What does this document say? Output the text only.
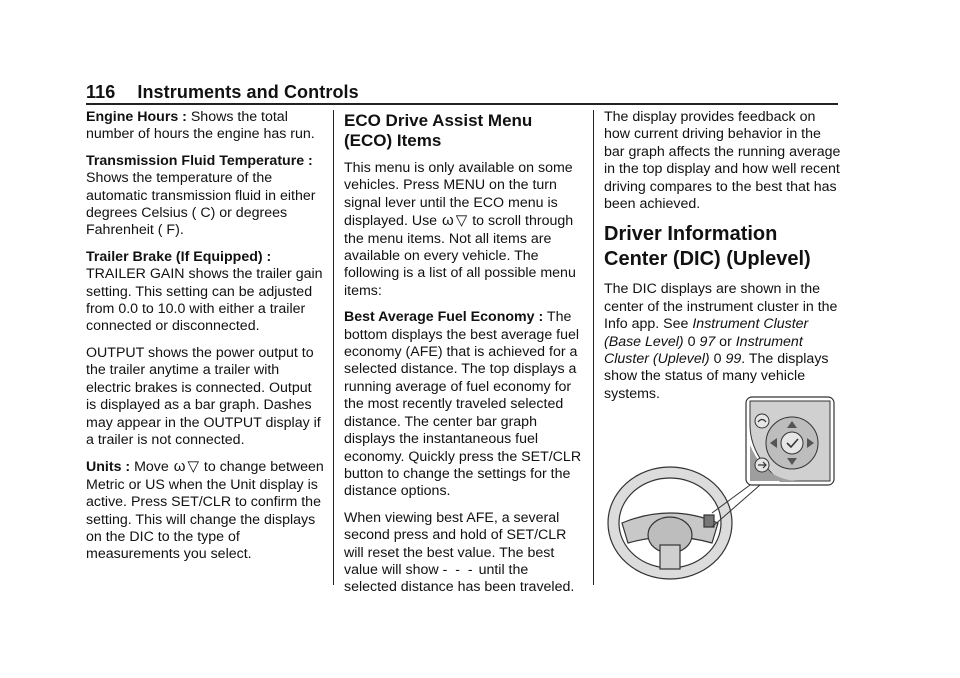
116 Instruments and Controls

Engine Hours : Shows the total number of hours the engine has run.

Transmission Fluid Temperature : Shows the temperature of the automatic transmission fluid in either degrees Celsius ( C) or degrees Fahrenheit ( F).

Trailer Brake (If Equipped) : TRAILER GAIN shows the trailer gain setting. This setting can be adjusted from 0.0 to 10.0 with either a trailer connected or disconnected.

OUTPUT shows the power output to the trailer anytime a trailer with electric brakes is connected. Output is displayed as a bar graph. Dashes may appear in the OUTPUT display if a trailer is not connected.

Units : Move ω ▽ to change between Metric or US when the Unit display is active. Press SET/CLR to confirm the setting. This will change the displays on the DIC to the type of measurements you select.

ECO Drive Assist Menu (ECO) Items

This menu is only available on some vehicles. Press MENU on the turn signal lever until the ECO menu is displayed. Use ω ▽ to scroll through the menu items. Not all items are available on every vehicle. The following is a list of all possible menu items:

Best Average Fuel Economy : The bottom displays the best average fuel economy (AFE) that is achieved for a selected distance. The top displays a running average of fuel economy for the most recently traveled selected distance. The center bar graph displays the instantaneous fuel economy. Quickly press the SET/CLR button to change the settings for the distance options.

When viewing best AFE, a several second press and hold of SET/CLR will reset the best value. The best value will show - - - until the selected distance has been traveled.

The display provides feedback on how current driving behavior in the bar graph affects the running average in the top display and how well recent driving compares to the best that has been achieved.

Driver Information Center (DIC) (Uplevel)

The DIC displays are shown in the center of the instrument cluster in the Info app. See Instrument Cluster (Base Level) 0 97 or Instrument Cluster (Uplevel) 0 99. The displays show the status of many vehicle systems.
